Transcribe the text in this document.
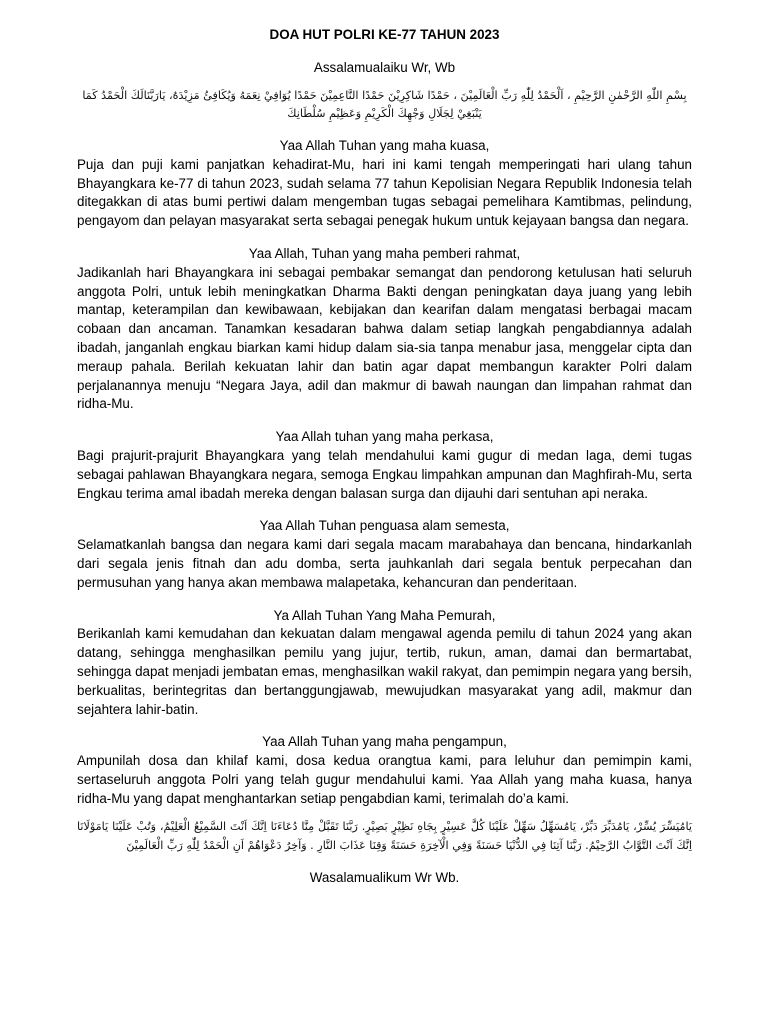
DOA HUT POLRI KE-77 TAHUN 2023

Assalamualaiku Wr, Wb

بِسْمِ اللّٰهِ الرَّحْمٰنِ الرَّحِيْمِ ، اَلْحَمْدُ لِلّٰهِ رَبِّ الْعَالَمِيْنَ ، حَمْدًا شَاكِرِيْنَ حَمْدًا النَّاعِمِيْنَ حَمْدًا يُوَافِيْ نِعَمَهُ وَيُكَافِئُ مَزِيْدَهُ، يَارَبَّنَالَكَ الْحَمْدُ كَمَا يَنْبَغِيْ لِجَلَالِ وَجْهِكَ الْكَرِيْمِ وَعَظِيْمِ سُلْطَانِكَ

Yaa Allah Tuhan yang maha kuasa,

Puja dan puji kami panjatkan kehadirat-Mu, hari ini kami tengah memperingati hari ulang tahun Bhayangkara ke-77 di tahun 2023, sudah selama 77 tahun Kepolisian Negara Republik Indonesia telah ditegakkan di atas bumi pertiwi dalam mengemban tugas sebagai pemelihara Kamtibmas, pelindung, pengayom dan pelayan masyarakat serta sebagai penegak hukum untuk kejayaan bangsa dan negara.

Yaa Allah, Tuhan yang maha pemberi rahmat,

Jadikanlah hari Bhayangkara ini sebagai pembakar semangat dan pendorong ketulusan hati seluruh anggota Polri, untuk lebih meningkatkan Dharma Bakti dengan peningkatan daya juang yang lebih mantap, keterampilan dan kewibawaan, kebijakan dan kearifan dalam mengatasi berbagai macam cobaan dan ancaman. Tanamkan kesadaran bahwa dalam setiap langkah pengabdiannya adalah ibadah, janganlah engkau biarkan kami hidup dalam sia-sia tanpa menabur jasa, menggelar cipta dan meraup pahala. Berilah kekuatan lahir dan batin agar dapat membangun karakter Polri dalam perjalanannya menuju “Negara Jaya, adil dan makmur di bawah naungan dan limpahan rahmat dan ridha-Mu.

Yaa Allah tuhan yang maha perkasa,

Bagi prajurit-prajurit Bhayangkara yang telah mendahului kami gugur di medan laga, demi tugas sebagai pahlawan Bhayangkara negara, semoga Engkau limpahkan ampunan dan Maghfirah-Mu, serta Engkau terima amal ibadah mereka dengan balasan surga dan dijauhi dari sentuhan api neraka.

Yaa Allah Tuhan penguasa alam semesta,

Selamatkanlah bangsa dan negara kami dari segala macam marabahaya dan bencana, hindarkanlah dari segala jenis fitnah dan adu domba, serta jauhkanlah dari segala bentuk perpecahan dan permusuhan yang hanya akan membawa malapetaka, kehancuran dan penderitaan.

Ya Allah Tuhan Yang Maha Pemurah,

Berikanlah kami kemudahan dan kekuatan dalam mengawal agenda pemilu di tahun 2024 yang akan datang, sehingga menghasilkan pemilu yang jujur, tertib, rukun, aman, damai dan bermartabat, sehingga dapat menjadi jembatan emas, menghasilkan wakil rakyat, dan pemimpin negara yang bersih, berkualitas, berintegritas dan bertanggungjawab, mewujudkan masyarakat yang adil, makmur dan sejahtera lahir-batin.

Yaa Allah Tuhan yang maha pengampun,

Ampunilah dosa dan khilaf kami, dosa kedua orangtua kami, para leluhur dan pemimpin kami, sertaseluruh anggota Polri yang telah gugur mendahului kami. Yaa Allah yang maha kuasa, hanya ridha-Mu yang dapat menghantarkan setiap pengabdian kami, terimalah do’a kami.

يَامُيَسِّرَ يُسِّرْ، يَامُدَبِّرَ دَبِّرْ، يَامُسَهِّلُ سَهِّلْ عَلَيْنَا كُلَّ عَسِيْرٍ بِجَاهِ نَظِيْرٍ بَصِيْرٍ. رَبَّنَا تَقَبَّلْ مِنَّا دُعَاءَنَا اِنَّكَ اَنْتَ السَّمِيْعُ الْعَلِيْمُ، وَتُبْ عَلَيْنَا يَامَوْلَانَا اِنَّكَ اَنْتَ التَّوَّابُ الرَّحِيْمُ. رَبَّنَا آتِنَا فِي الدُّنْيَا حَسَنَةً وَفِي الْآخِرَةِ حَسَنَةً وَقِنَا عَذَابَ النَّارِ . وَآخِرُ دَعْوَاهُمْ اَنِ الْحَمْدُ لِلّٰهِ رَبِّ الْعَالَمِيْنَ

Wasalamualikum Wr Wb.
